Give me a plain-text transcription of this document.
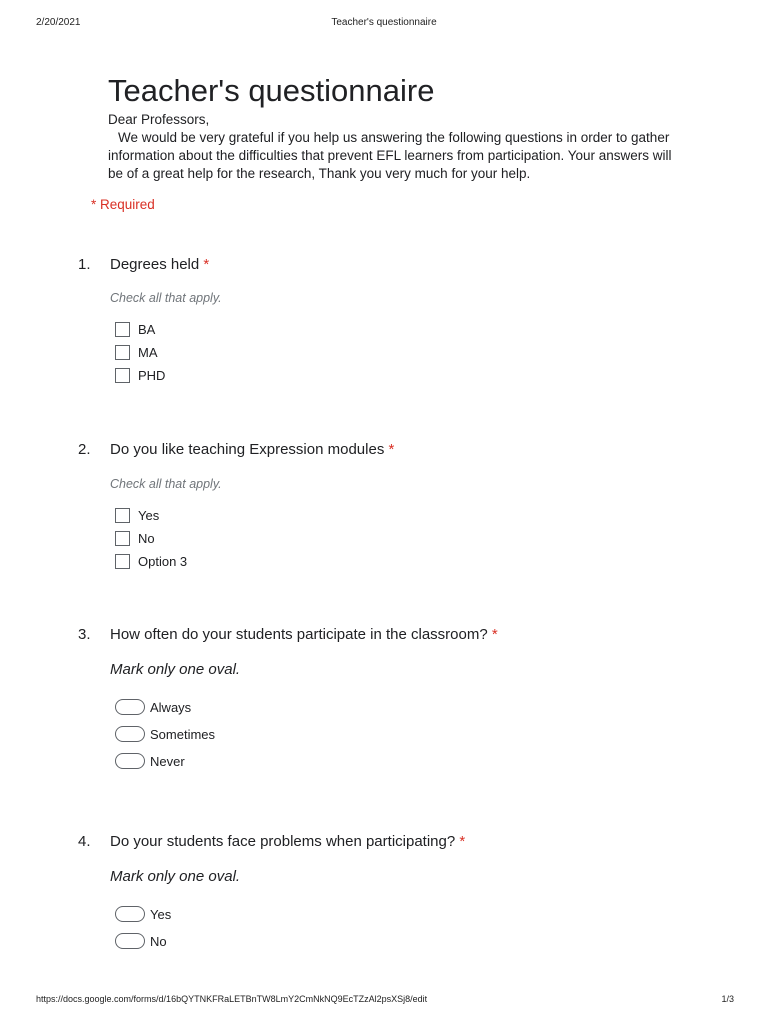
2/20/2021	Teacher's questionnaire
Teacher's questionnaire

Dear Professors,

We would be very grateful if you help us answering the following questions in order to gather information about the difficulties that prevent EFL learners from participation. Your answers will be of a great help for the research, Thank you very much for your help.

* Required
1. Degrees held *
Check all that apply.
BA
MA
PHD
2. Do you like teaching Expression modules *
Check all that apply.
Yes
No
Option 3
3. How often do your students participate in the classroom? *
Mark only one oval.
Always
Sometimes
Never
4. Do your students face problems when participating? *
Mark only one oval.
Yes
No
https://docs.google.com/forms/d/16bQYTNKFRaLETBnTW8LmY2CmNkNQ9EcTZzAl2psXSj8/edit	1/3
